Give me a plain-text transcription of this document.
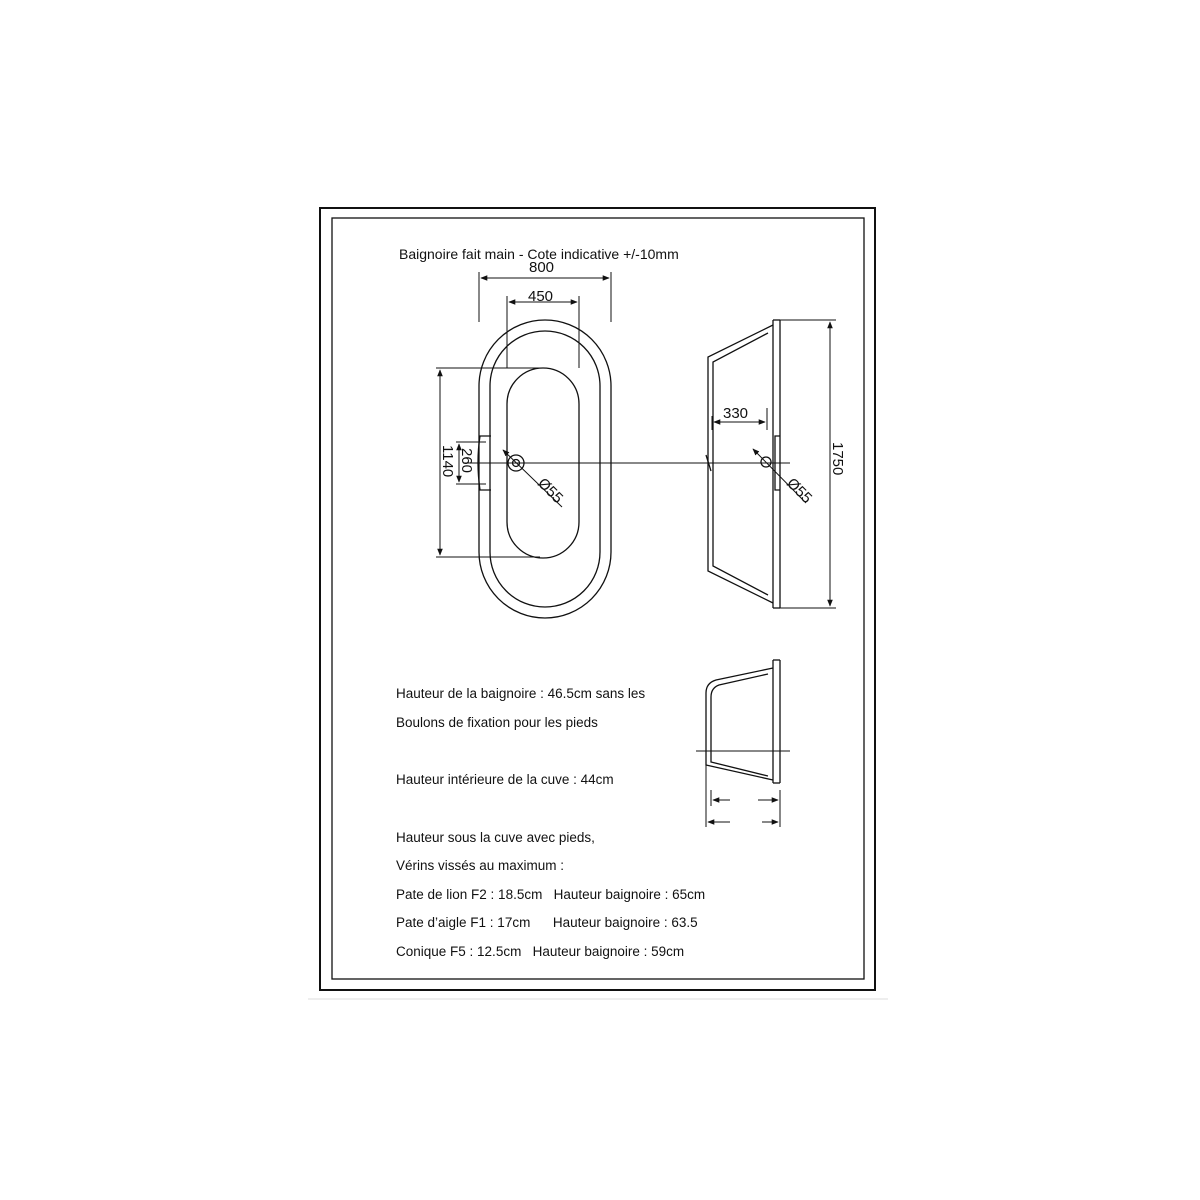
Baignoire fait main - Cote indicative +/-10mm
800
450
1140 260
Ø55
330
1750
Ø55
Hauteur de la baignoire : 46.5cm sans les
Boulons de fixation pour les pieds
Hauteur intérieure de la cuve : 44cm
Hauteur sous la cuve avec pieds,
Vérins vissés au maximum :
Pate de lion F2 : 18.5cm   Hauteur baignoire : 65cm
Pate d’aigle F1 : 17cm      Hauteur baignoire : 63.5
Conique F5 : 12.5cm   Hauteur baignoire : 59cm
